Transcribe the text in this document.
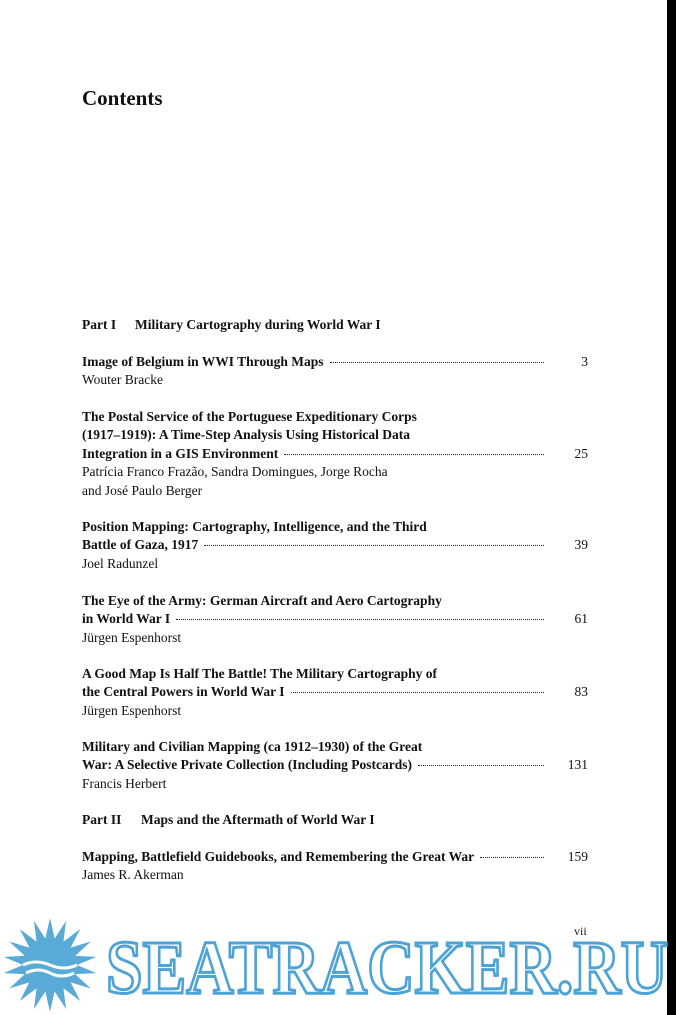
Contents
Part I Military Cartography during World War I
Image of Belgium in WWI Through Maps	3
Wouter Bracke
The Postal Service of the Portuguese Expeditionary Corps
(1917–1919): A Time-Step Analysis Using Historical Data
Integration in a GIS Environment	25
Patrícia Franco Frazão, Sandra Domingues, Jorge Rocha
and José Paulo Berger
Position Mapping: Cartography, Intelligence, and the Third
Battle of Gaza, 1917	39
Joel Radunzel
The Eye of the Army: German Aircraft and Aero Cartography
in World War I	61
Jürgen Espenhorst
A Good Map Is Half The Battle! The Military Cartography of
the Central Powers in World War I	83
Jürgen Espenhorst
Military and Civilian Mapping (ca 1912–1930) of the Great
War: A Selective Private Collection (Including Postcards)	131
Francis Herbert
Part II Maps and the Aftermath of World War I
Mapping, Battlefield Guidebooks, and Remembering the Great War	159
James R. Akerman
vii
SEATRACKER.RU
